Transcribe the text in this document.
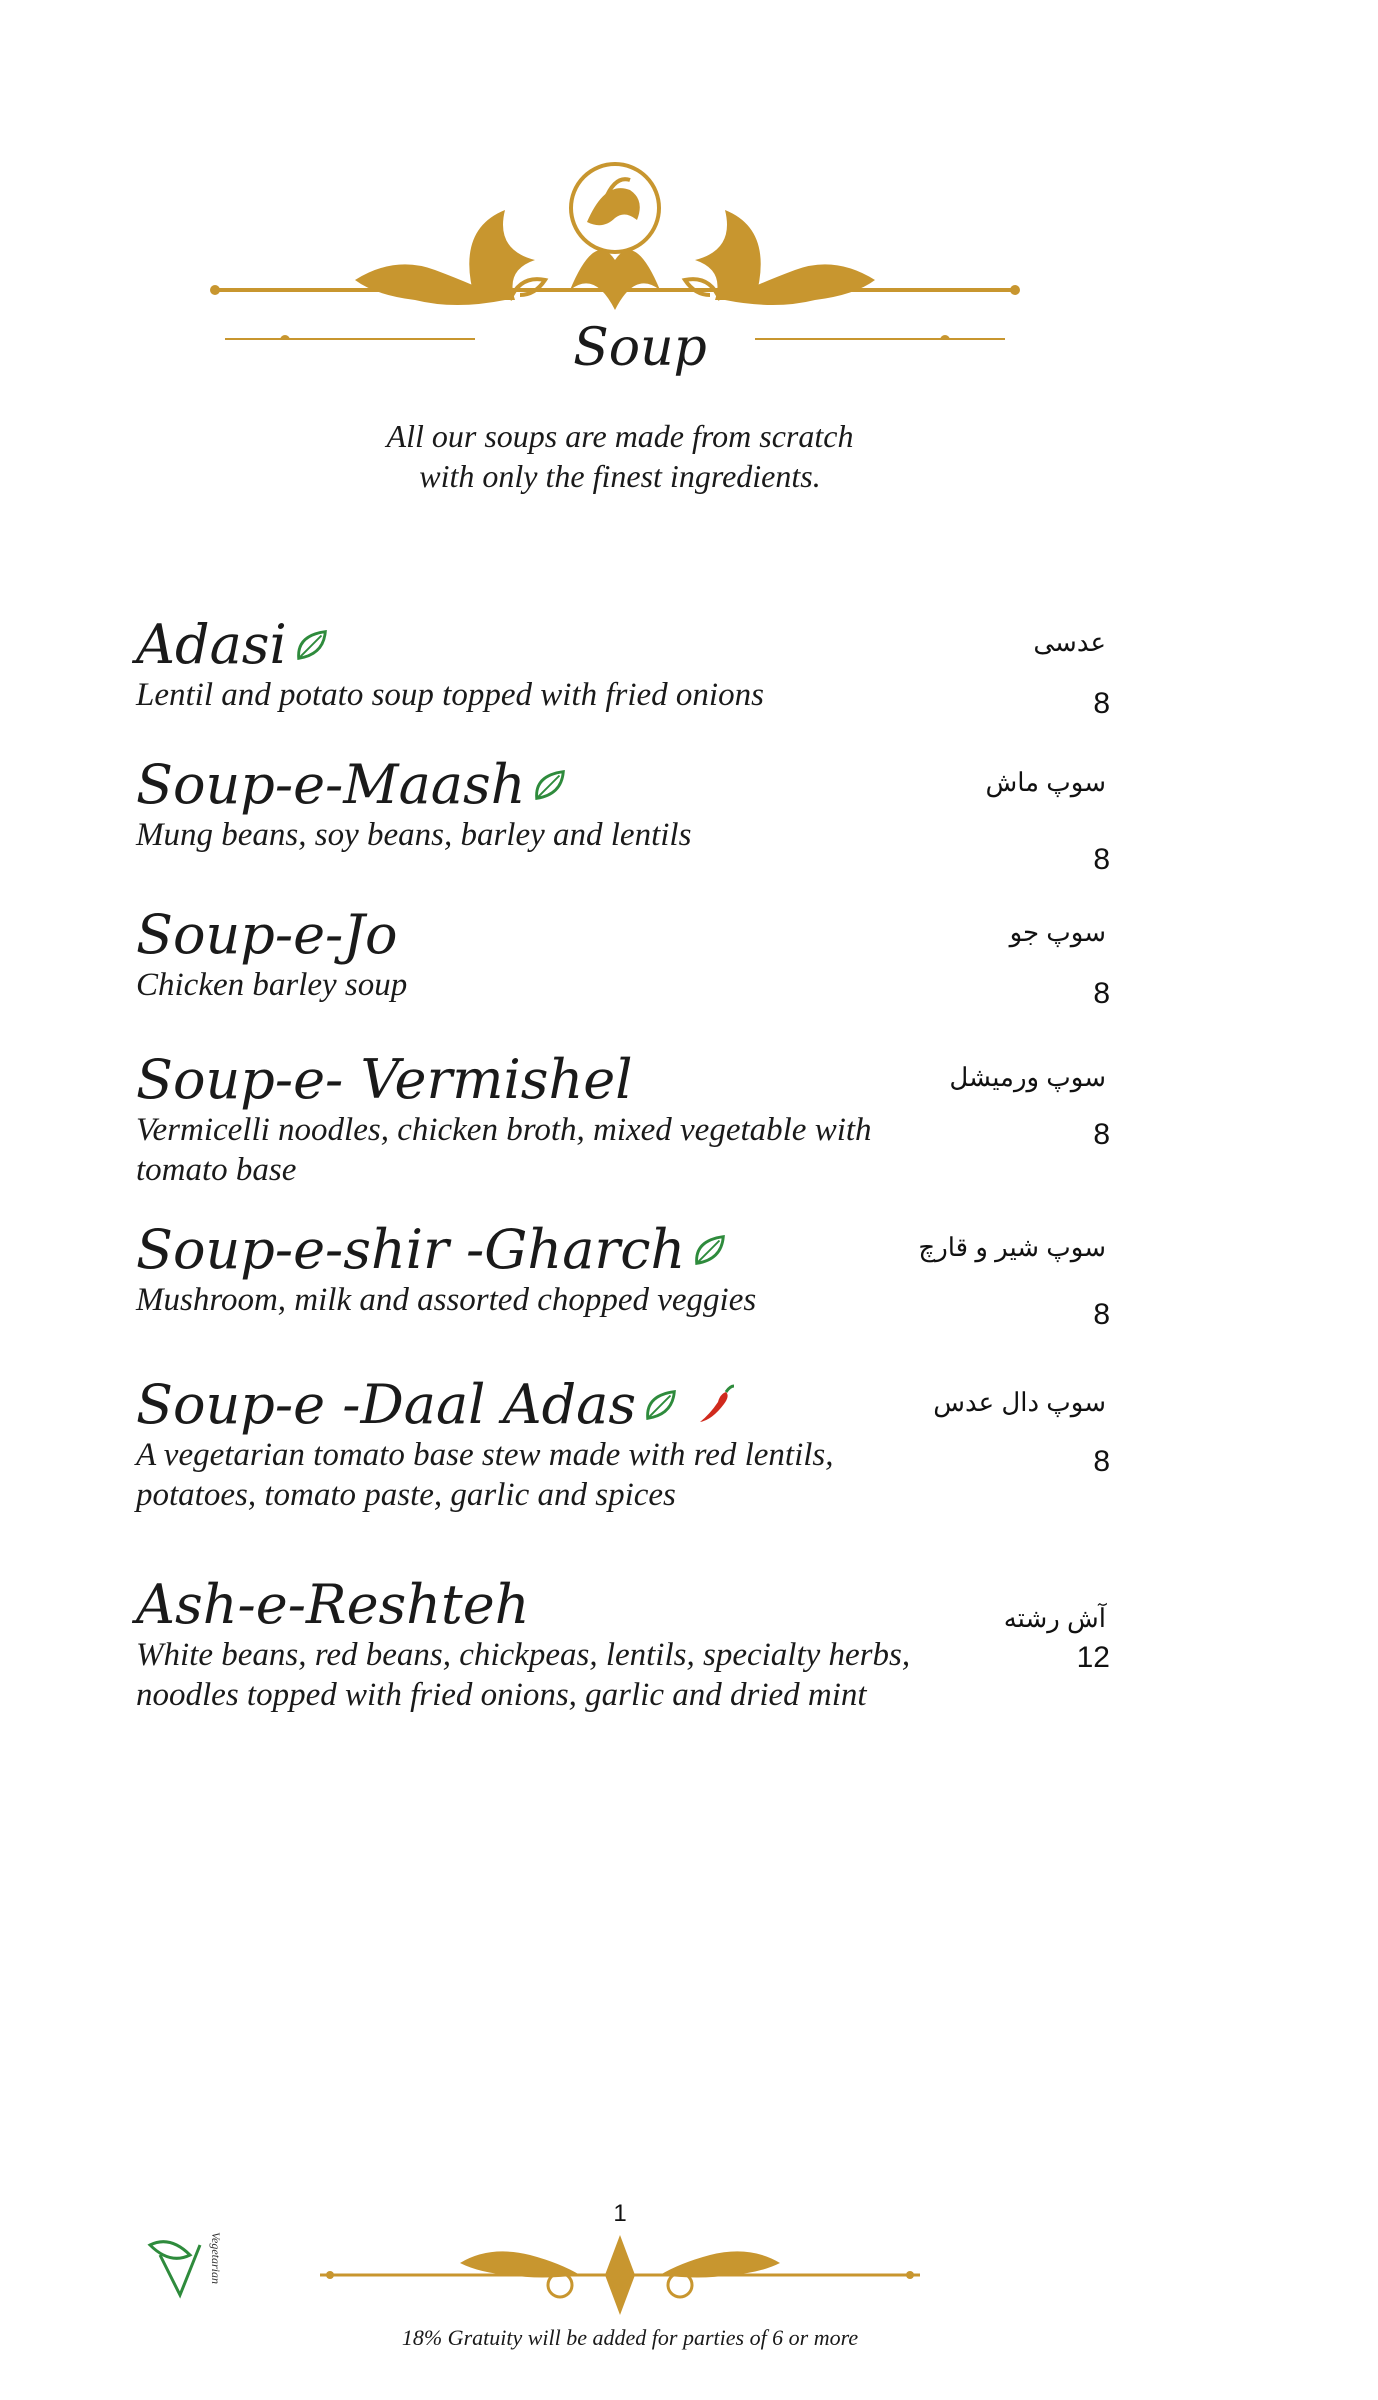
Soup
All our soups are made from scratch
with only the finest ingredients.
Adasi
Lentil and potato soup topped with fried onions
عدسی
8
Soup-e-Maash
Mung beans, soy beans, barley and lentils
سوپ ماش
8
Soup-e-Jo
Chicken barley soup
سوپ جو
8
Soup-e- Vermishel
Vermicelli noodles, chicken broth, mixed vegetable with
tomato base
سوپ ورمیشل
8
Soup-e-shir -Gharch
Mushroom, milk and assorted chopped veggies
سوپ شیر و قارچ
8
Soup-e -Daal Adas
A vegetarian tomato base stew made with red lentils,
potatoes, tomato paste, garlic and spices
سوپ دال عدس
8
Ash-e-Reshteh
White beans, red beans, chickpeas, lentils, specialty herbs,
noodles topped with fried onions, garlic and dried mint
آش رشته
12
1
18% Gratuity will be added for parties of 6 or more
Vegetarian
